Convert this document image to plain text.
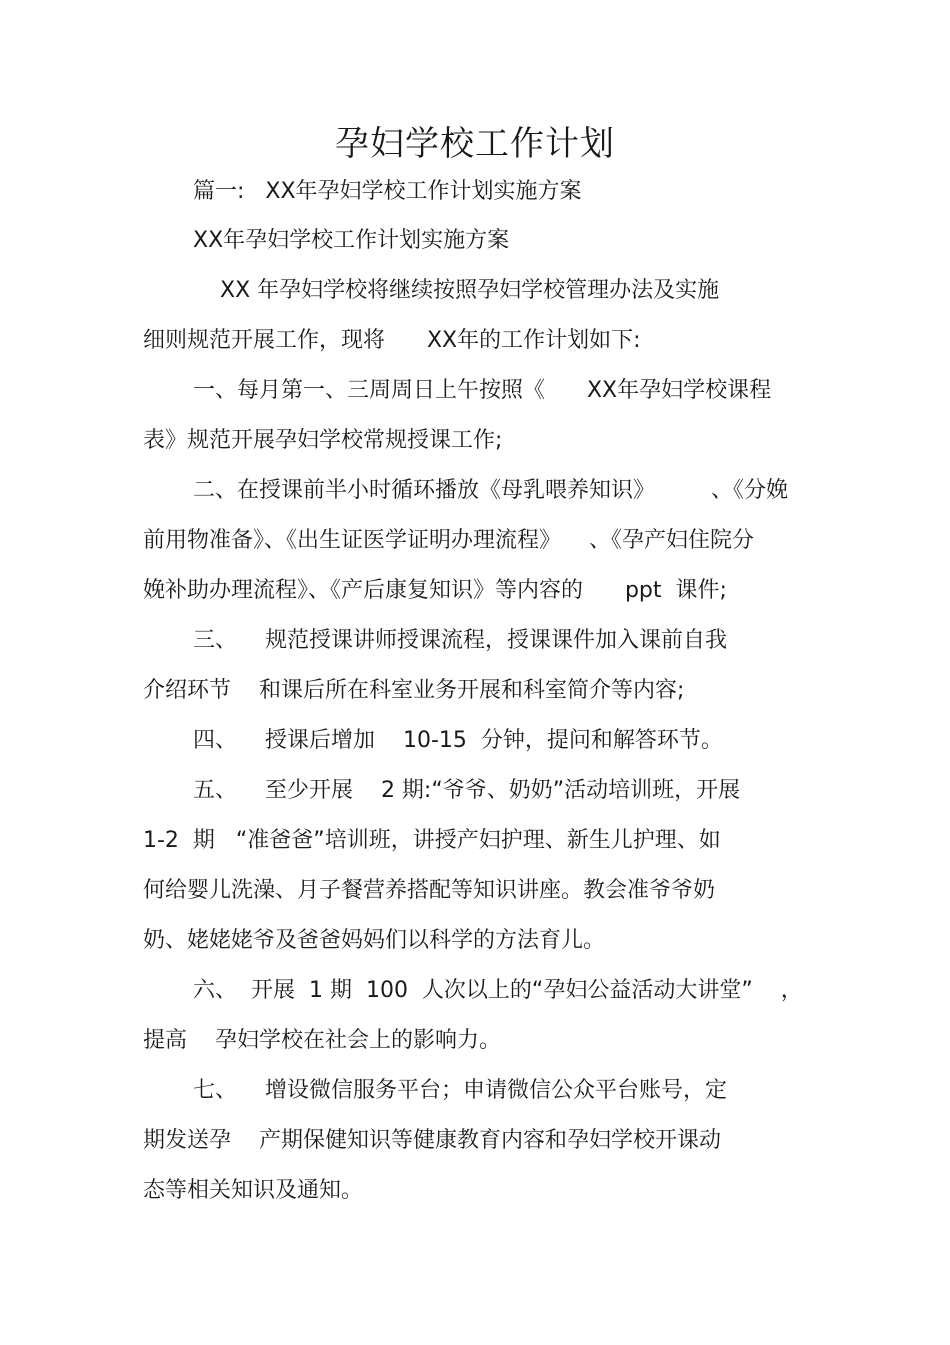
孕妇学校工作计划
篇一:   XX年孕妇学校工作计划实施方案
XX年孕妇学校工作计划实施方案
XX 年孕妇学校将继续按照孕妇学校管理办法及实施
细则规范开展工作，现将      XX年的工作计划如下:
一、每月第一、三周周日上午按照《      XX年孕妇学校课程
表》规范开展孕妇学校常规授课工作;
二、在授课前半小时循环播放《母乳喂养知识》        、《分娩
前用物准备》、《出生证医学证明办理流程》    、《孕产妇住院分
娩补助办理流程》、《产后康复知识》等内容的      ppt  课件;
三、    规范授课讲师授课流程，授课课件加入课前自我
介绍环节    和课后所在科室业务开展和科室简介等内容;
四、    授课后增加    10-15  分钟，提问和解答环节。
五、    至少开展    2 期:“爷爷、奶奶”活动培训班，开展
1-2  期   “准爸爸”培训班，讲授产妇护理、新生儿护理、如
何给婴儿洗澡、月子餐营养搭配等知识讲座。教会准爷爷奶
奶、姥姥姥爷及爸爸妈妈们以科学的方法育儿。
六、  开展  1 期  100  人次以上的“孕妇公益活动大讲堂”    ，
提高    孕妇学校在社会上的影响力。
七、    增设微信服务平台；申请微信公众平台账号，定
期发送孕    产期保健知识等健康教育内容和孕妇学校开课动
态等相关知识及通知。
